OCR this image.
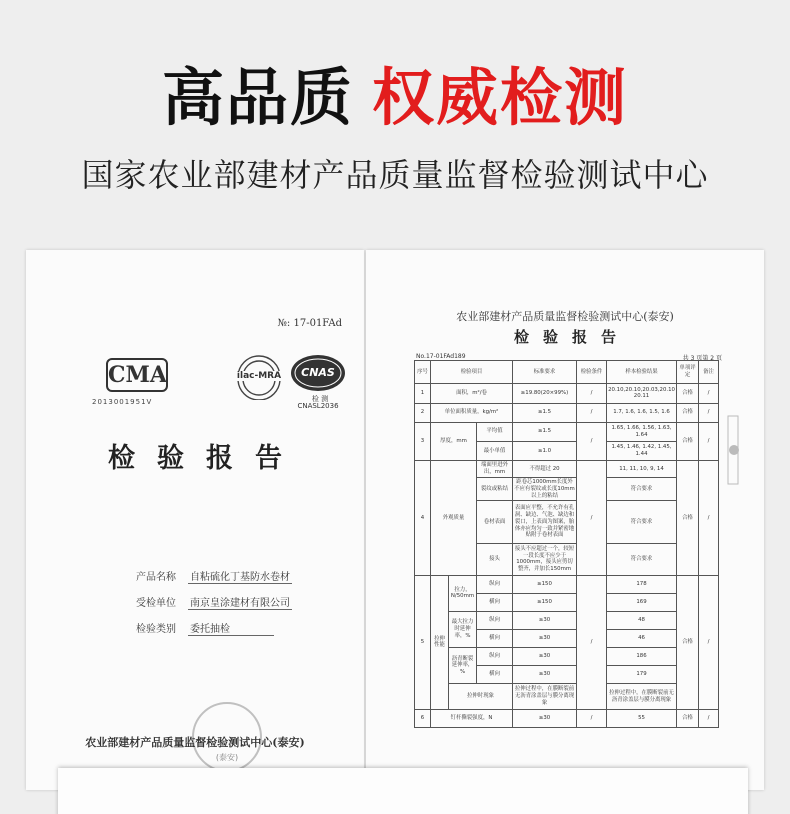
高品质 权威检测
国家农业部建材产品质量监督检验测试中心
№: 17-01FAd
CMA
2013001951V
ilac-MRA	CNAS
检 测
CNASL2036
检验报告
产品名称 自粘硫化丁基防水卷材
受检单位 南京皇涂建材有限公司
检验类别 委托抽检
(泰安)
农业部建材产品质量监督检验测试中心(泰安)
农业部建材产品质量监督检验测试中心(泰安)
检验报告
No.17-01FAd189	共 3 页第 2 页
序号	检验项目			标准要求	检验条件	样本检验结果	单项评定	备注
1	面积，m²/卷			≥19.80(20×99%)	/	20.10,20.10,20.03,20.10 20.11	合格	/
2	单位面积质量，kg/m²			≥1.5	/	1.7, 1.6, 1.6, 1.5, 1.6	合格	/
3	厚度，mm		平均值	≥1.5	/	1.65, 1.66, 1.56, 1.63, 1.64	合格	/
			最小单值	≥1.0		1.45, 1.46, 1.42, 1.45, 1.44		
4	外观质量		端面里进外出，mm	不得超过 20	/	11, 11, 10, 9, 14	合格	/
			裂纹或粘结	距卷芯1000mm长度外不应有裂纹或长度10mm以上的粘结		符合要求		
			卷材表面	表面应平整，不允许有孔洞、缺边、气泡、缺边和裂口，上表面为图案，胎体亦应均匀一致并紧密地贴附于卷材表面		符合要求		
			接头	接头不应超过一个，较短一段长度不应少于1000mm，接头应剪切整齐，并加长150mm		符合要求		
5	拉伸性能	拉力，N/50mm	纵向	≥150	/	178	合格	/
			横向	≥150		169		
		最大拉力时延伸率，%	纵向	≥30		48		
			横向	≥30		46		
		沥青断裂延伸率，%	纵向	≥30		186		
			横向	≥30		179		
		拉伸时现象		拉伸过程中，在膜断裂前无沥青涂盖层与膜分离现象		拉伸过程中，在膜断裂前无沥青涂盖层与膜分离现象		
6	钉杆撕裂强度，N			≥30	/	55	合格	/
